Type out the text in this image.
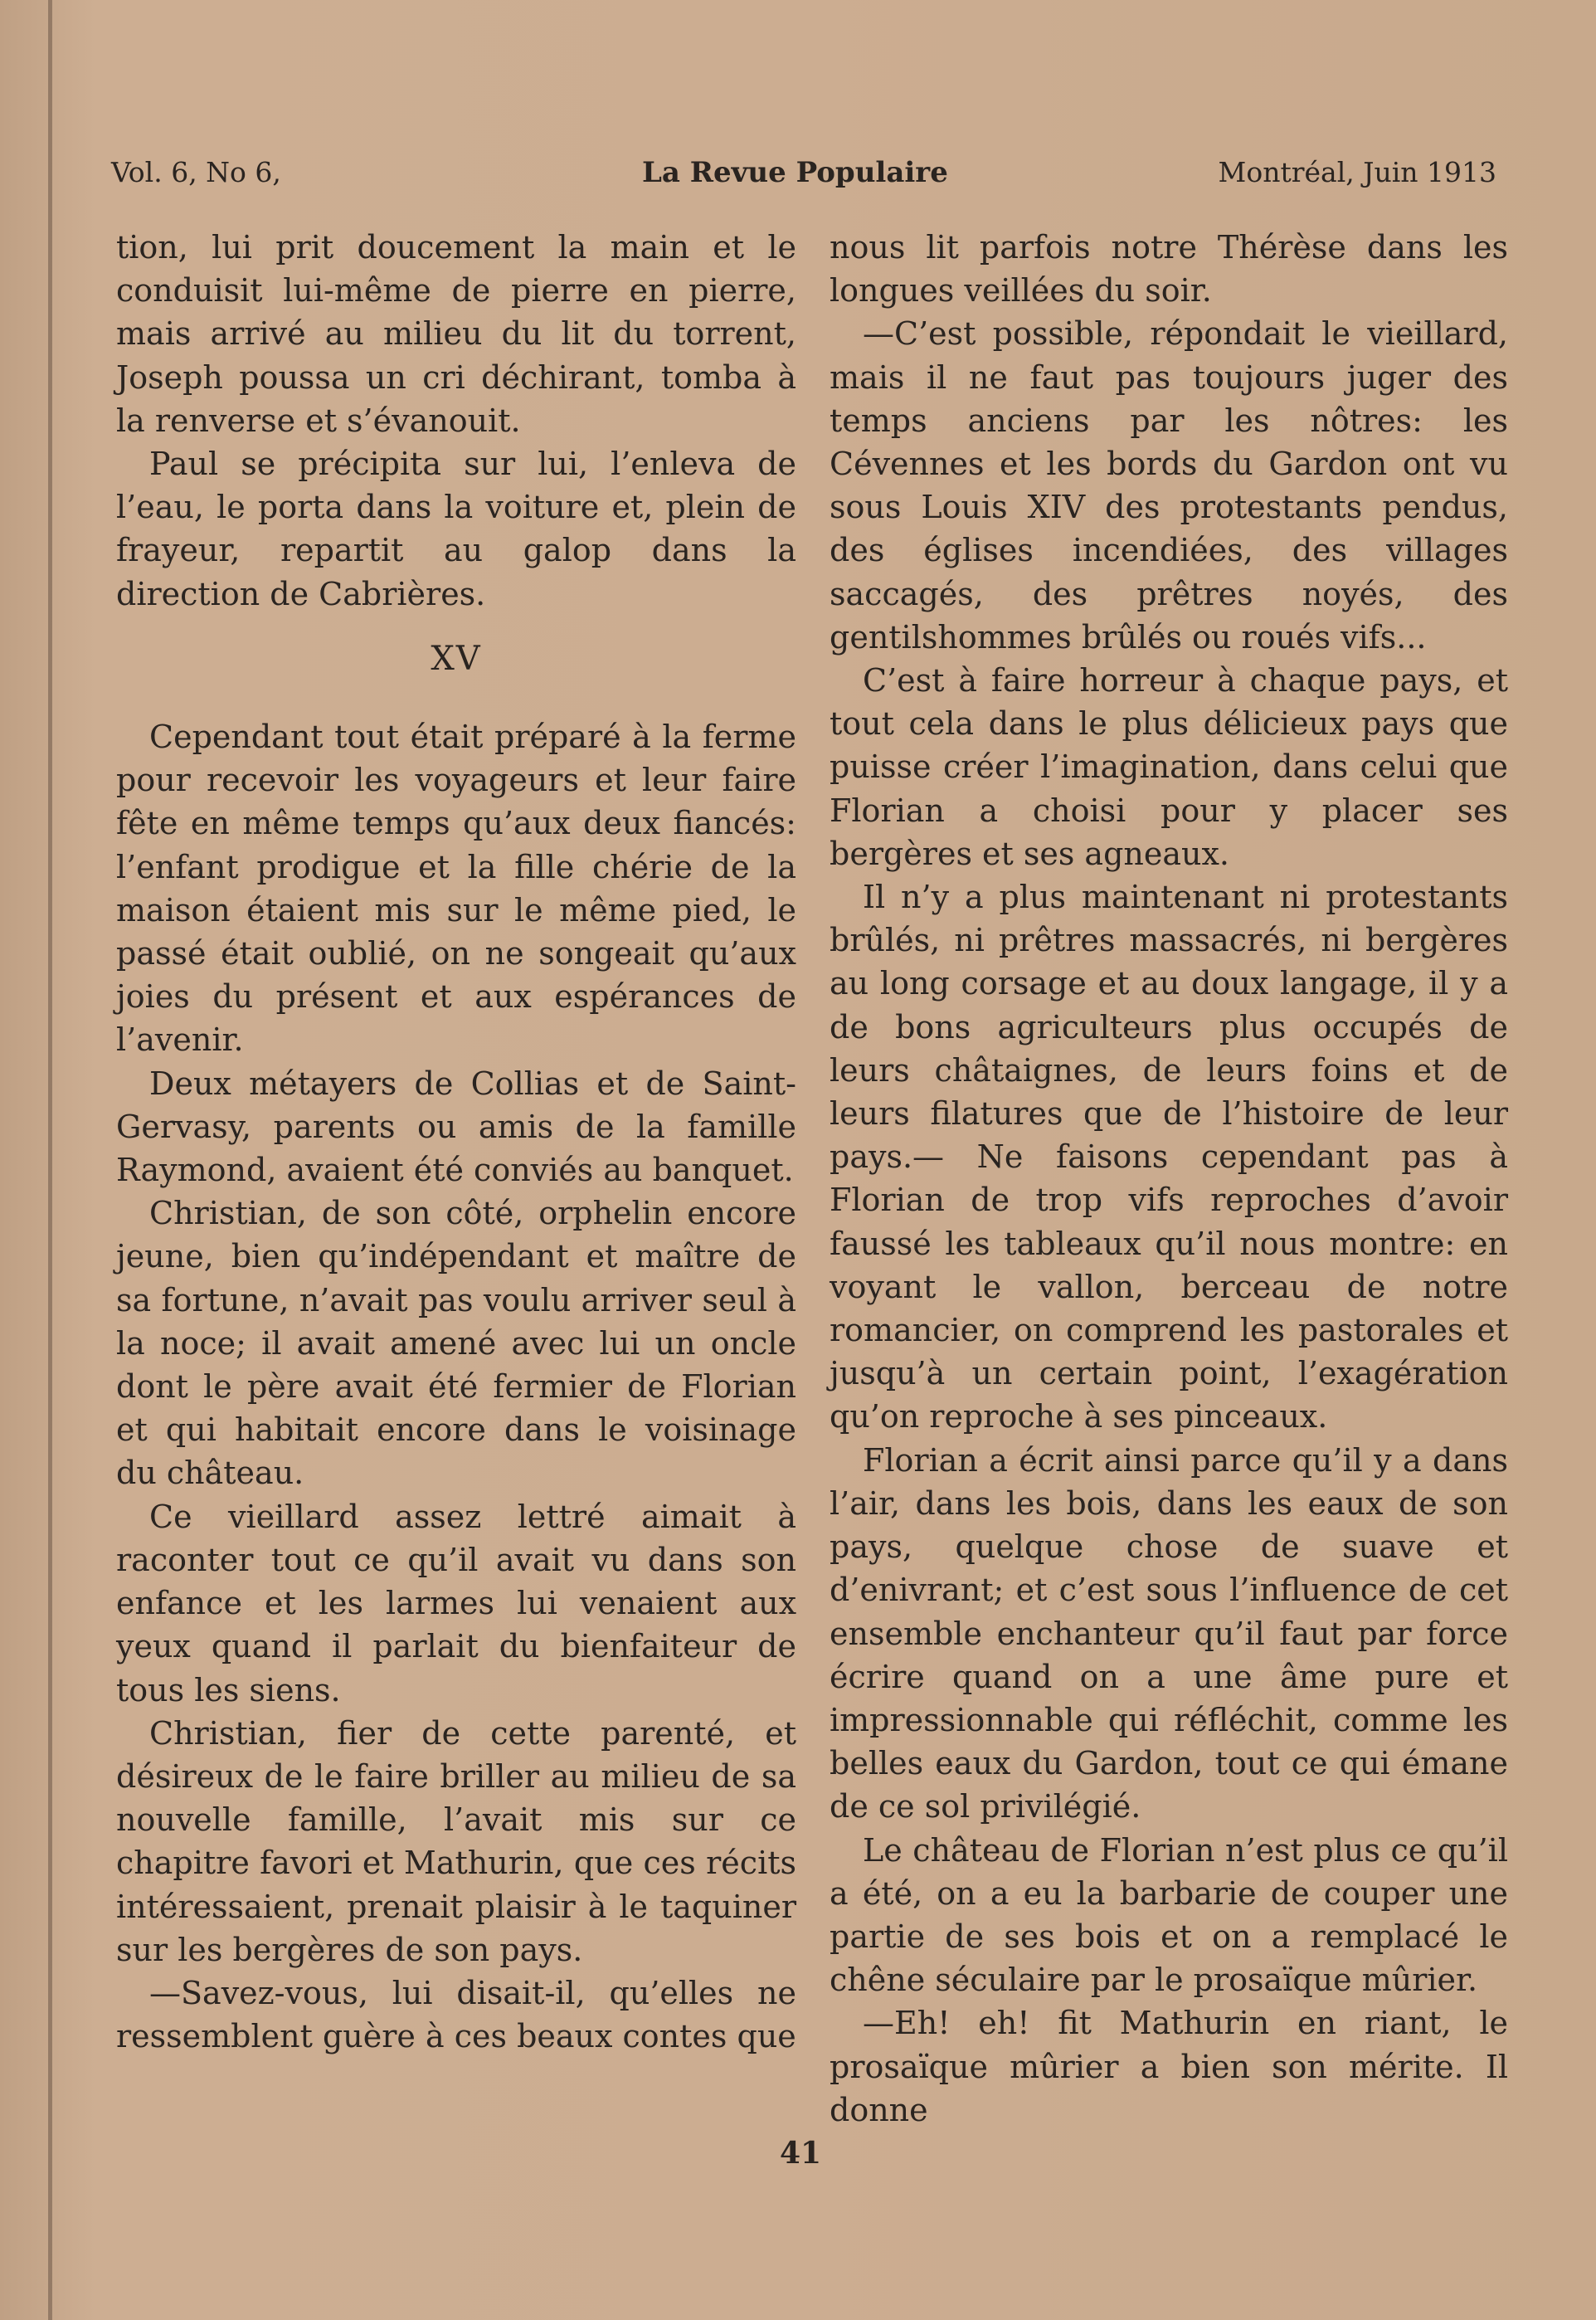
Vol. 6, No 6,	La Revue Populaire	Montréal, Juin 1913

tion, lui prit doucement la main et le conduisit lui-même de pierre en pierre, mais arrivé au milieu du lit du torrent, Joseph poussa un cri déchirant, tomba à la renverse et s’évanouit.

Paul se précipita sur lui, l’enleva de l’eau, le porta dans la voiture et, plein de frayeur, repartit au galop dans la direction de Cabrières.

XV

Cependant tout était préparé à la ferme pour recevoir les voyageurs et leur faire fête en même temps qu’aux deux fiancés: l’enfant prodigue et la fille chérie de la maison étaient mis sur le même pied, le passé était oublié, on ne songeait qu’aux joies du présent et aux espérances de l’avenir.

Deux métayers de Collias et de Saint-Gervasy, parents ou amis de la famille Raymond, avaient été conviés au banquet.

Christian, de son côté, orphelin encore jeune, bien qu’indépendant et maître de sa fortune, n’avait pas voulu arriver seul à la noce; il avait amené avec lui un oncle dont le père avait été fermier de Florian et qui habitait encore dans le voisinage du château.

Ce vieillard assez lettré aimait à raconter tout ce qu’il avait vu dans son enfance et les larmes lui venaient aux yeux quand il parlait du bienfaiteur de tous les siens.

Christian, fier de cette parenté, et désireux de le faire briller au milieu de sa nouvelle famille, l’avait mis sur ce chapitre favori et Mathurin, que ces récits intéressaient, prenait plaisir à le taquiner sur les bergères de son pays.

—Savez-vous, lui disait-il, qu’elles ne ressemblent guère à ces beaux contes que

nous lit parfois notre Thérèse dans les longues veillées du soir.

—C’est possible, répondait le vieillard, mais il ne faut pas toujours juger des temps anciens par les nôtres: les Cévennes et les bords du Gardon ont vu sous Louis XIV des protestants pendus, des églises incendiées, des villages saccagés, des prêtres noyés, des gentilshommes brûlés ou roués vifs...

C’est à faire horreur à chaque pays, et tout cela dans le plus délicieux pays que puisse créer l’imagination, dans celui que Florian a choisi pour y placer ses bergères et ses agneaux.

Il n’y a plus maintenant ni protestants brûlés, ni prêtres massacrés, ni bergères au long corsage et au doux langage, il y a de bons agriculteurs plus occupés de leurs châtaignes, de leurs foins et de leurs filatures que de l’histoire de leur pays.— Ne faisons cependant pas à Florian de trop vifs reproches d’avoir faussé les tableaux qu’il nous montre: en voyant le vallon, berceau de notre romancier, on comprend les pastorales et jusqu’à un certain point, l’exagération qu’on reproche à ses pinceaux.

Florian a écrit ainsi parce qu’il y a dans l’air, dans les bois, dans les eaux de son pays, quelque chose de suave et d’enivrant; et c’est sous l’influence de cet ensemble enchanteur qu’il faut par force écrire quand on a une âme pure et impressionnable qui réfléchit, comme les belles eaux du Gardon, tout ce qui émane de ce sol privilégié.

Le château de Florian n’est plus ce qu’il a été, on a eu la barbarie de couper une partie de ses bois et on a remplacé le chêne séculaire par le prosaïque mûrier.

—Eh! eh! fit Mathurin en riant, le prosaïque mûrier a bien son mérite. Il donne

41
